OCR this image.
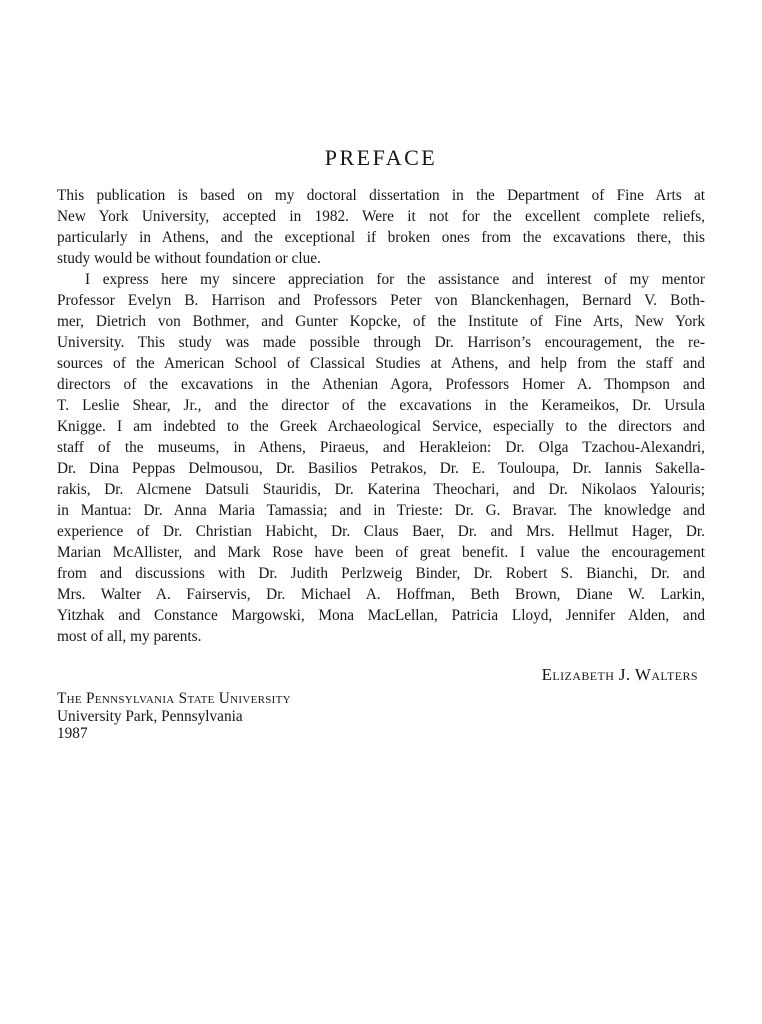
PREFACE
This publication is based on my doctoral dissertation in the Department of Fine Arts at
New York University, accepted in 1982. Were it not for the excellent complete reliefs,
particularly in Athens, and the exceptional if broken ones from the excavations there, this
study would be without foundation or clue.
I express here my sincere appreciation for the assistance and interest of my mentor
Professor Evelyn B. Harrison and Professors Peter von Blanckenhagen, Bernard V. Both-
mer, Dietrich von Bothmer, and Gunter Kopcke, of the Institute of Fine Arts, New York
University. This study was made possible through Dr. Harrison’s encouragement, the re-
sources of the American School of Classical Studies at Athens, and help from the staff and
directors of the excavations in the Athenian Agora, Professors Homer A. Thompson and
T. Leslie Shear, Jr., and the director of the excavations in the Kerameikos, Dr. Ursula
Knigge. I am indebted to the Greek Archaeological Service, especially to the directors and
staff of the museums, in Athens, Piraeus, and Herakleion: Dr. Olga Tzachou-Alexandri,
Dr. Dina Peppas Delmousou, Dr. Basilios Petrakos, Dr. E. Touloupa, Dr. Iannis Sakella-
rakis, Dr. Alcmene Datsuli Stauridis, Dr. Katerina Theochari, and Dr. Nikolaos Yalouris;
in Mantua: Dr. Anna Maria Tamassia; and in Trieste: Dr. G. Bravar. The knowledge and
experience of Dr. Christian Habicht, Dr. Claus Baer, Dr. and Mrs. Hellmut Hager, Dr.
Marian McAllister, and Mark Rose have been of great benefit. I value the encouragement
from and discussions with Dr. Judith Perlzweig Binder, Dr. Robert S. Bianchi, Dr. and
Mrs. Walter A. Fairservis, Dr. Michael A. Hoffman, Beth Brown, Diane W. Larkin,
Yitzhak and Constance Margowski, Mona MacLellan, Patricia Lloyd, Jennifer Alden, and
most of all, my parents.
Elizabeth J. Walters
The Pennsylvania State University
University Park, Pennsylvania
1987
